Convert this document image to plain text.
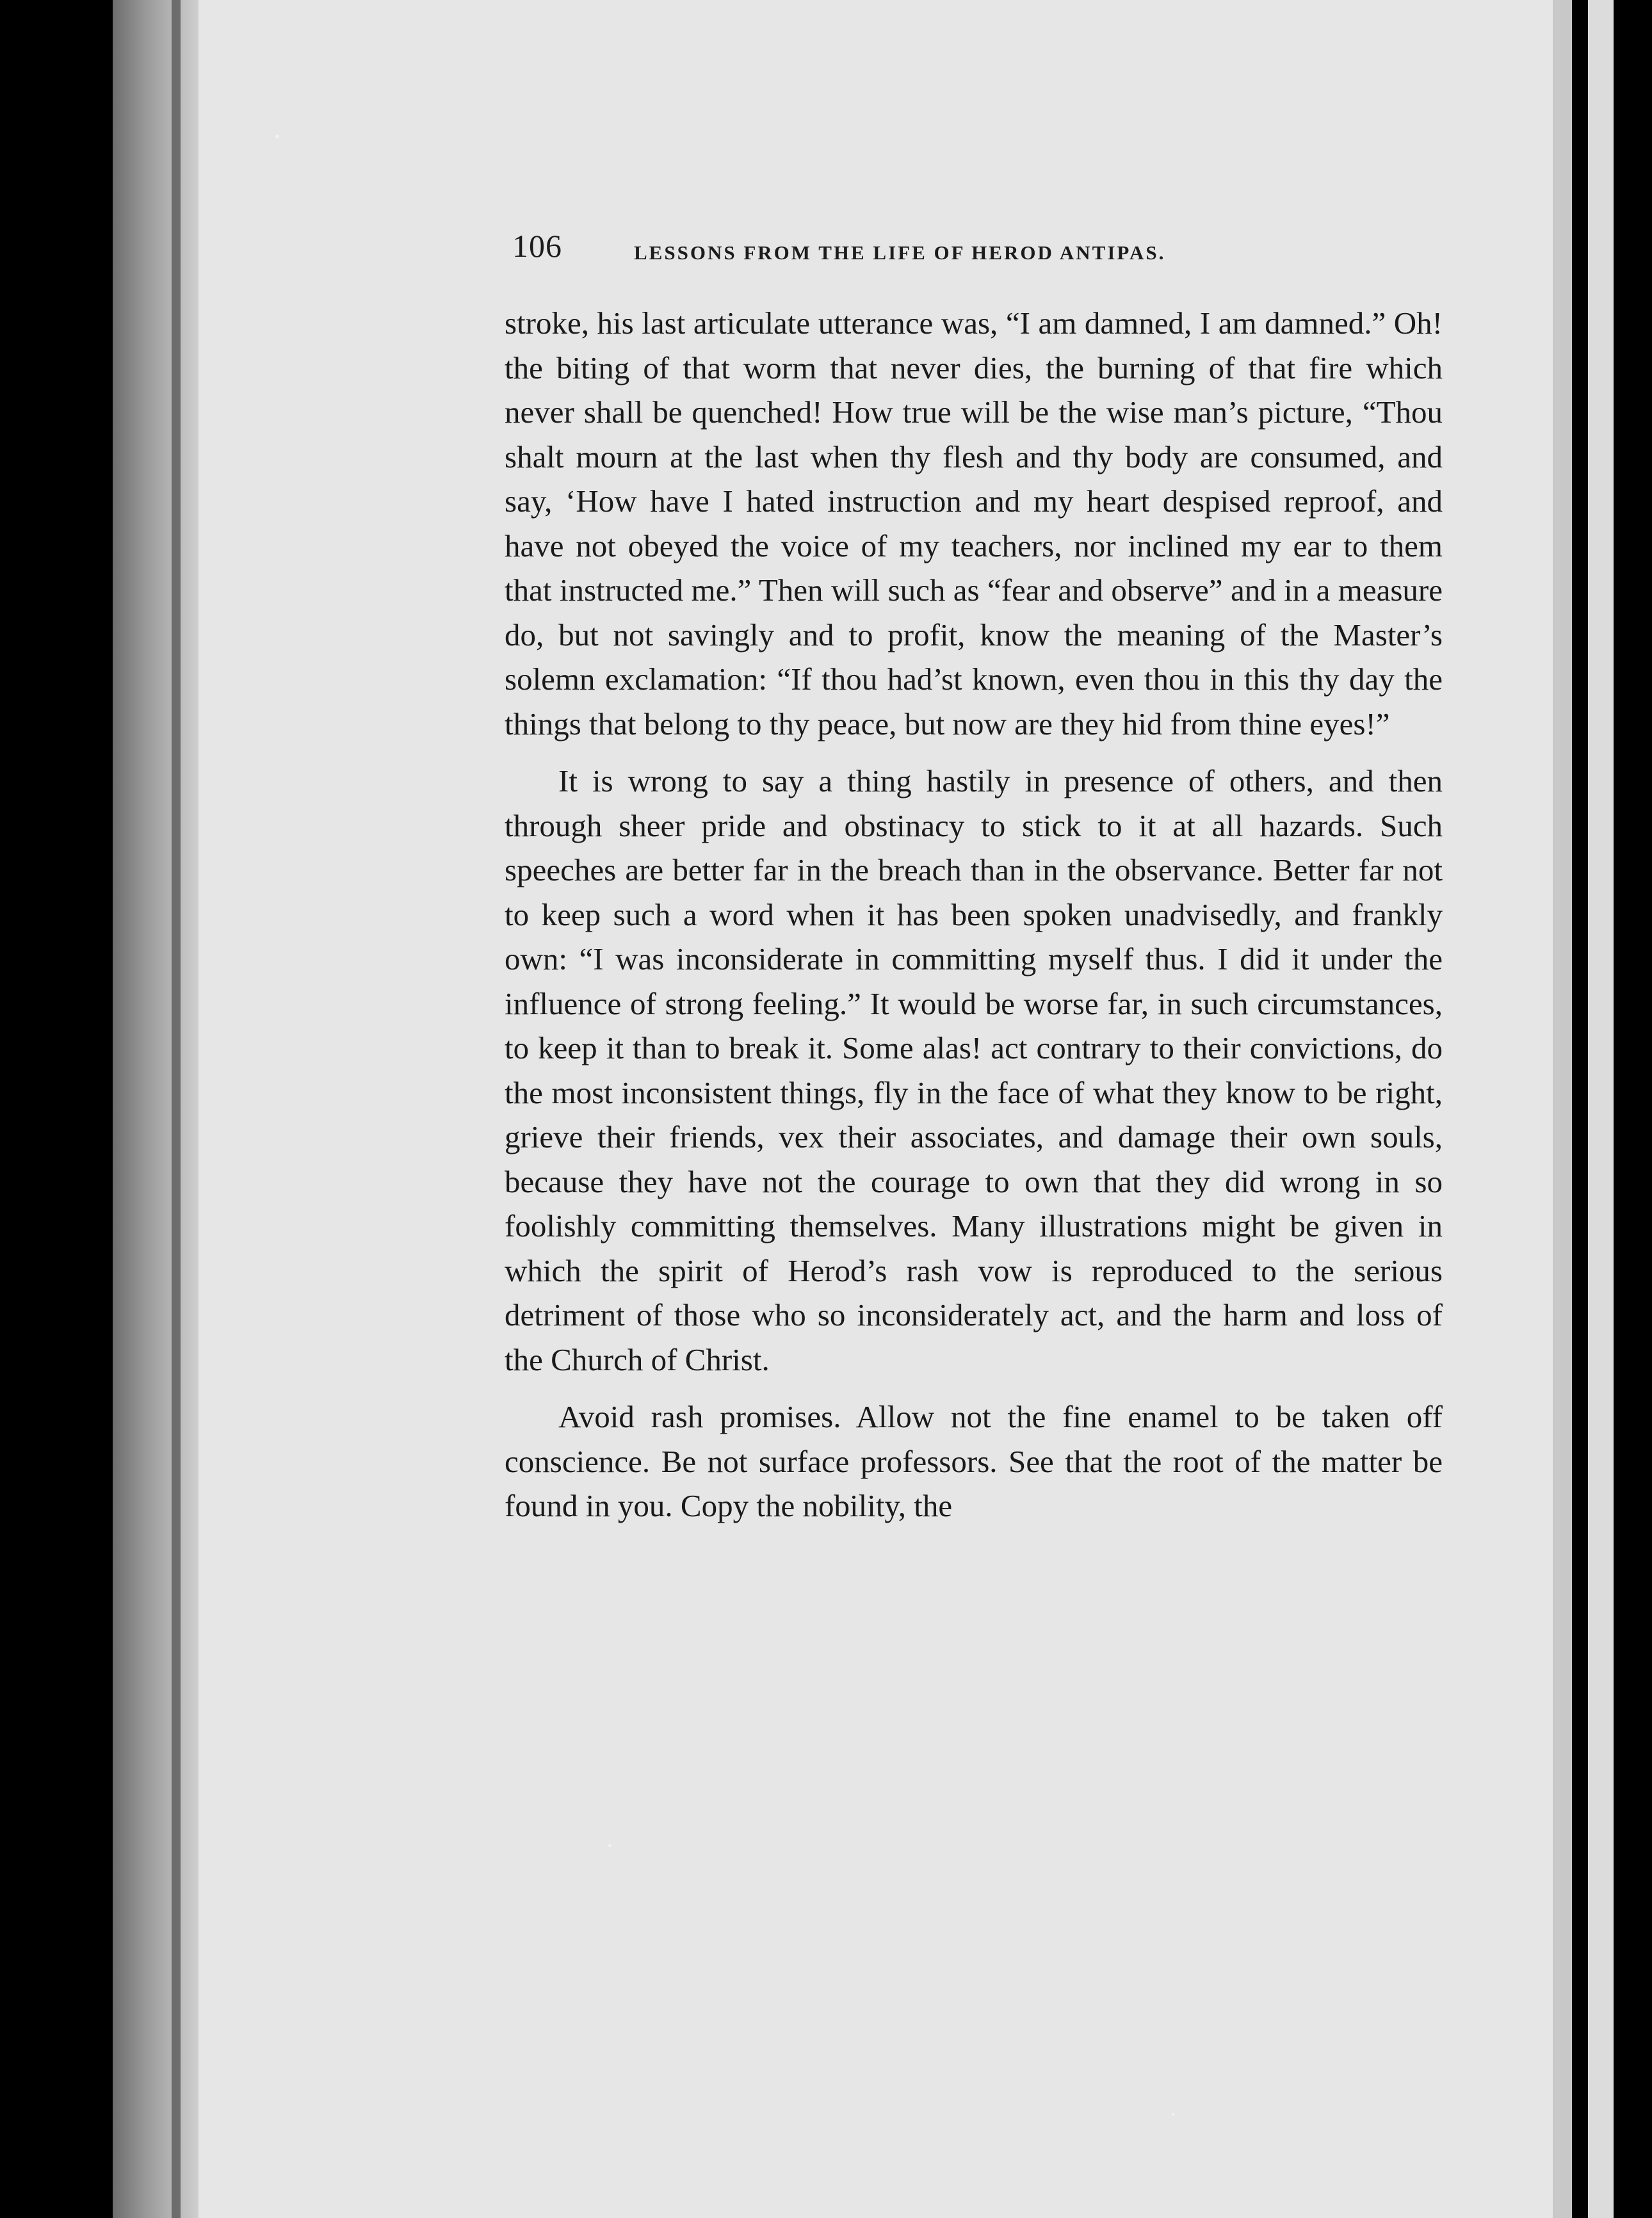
106	LESSONS FROM THE LIFE OF HEROD ANTIPAS.

stroke, his last articulate utterance was, “I am damned, I am damned.” Oh! the biting of that worm that never dies, the burning of that fire which never shall be quenched! How true will be the wise man’s picture, “Thou shalt mourn at the last when thy flesh and thy body are consumed, and say, ‘How have I hated instruction and my heart despised reproof, and have not obeyed the voice of my teachers, nor inclined my ear to them that instructed me.” Then will such as “fear and observe” and in a measure do, but not savingly and to profit, know the meaning of the Master’s solemn exclamation: “If thou had’st known, even thou in this thy day the things that belong to thy peace, but now are they hid from thine eyes!”

It is wrong to say a thing hastily in presence of others, and then through sheer pride and obstinacy to stick to it at all hazards. Such speeches are better far in the breach than in the observance. Better far not to keep such a word when it has been spoken unadvisedly, and frankly own: “I was inconsiderate in committing myself thus. I did it under the influence of strong feeling.” It would be worse far, in such circumstances, to keep it than to break it. Some alas! act contrary to their convictions, do the most inconsistent things, fly in the face of what they know to be right, grieve their friends, vex their associates, and damage their own souls, because they have not the courage to own that they did wrong in so foolishly committing themselves. Many illustrations might be given in which the spirit of Herod’s rash vow is reproduced to the serious detriment of those who so inconsiderately act, and the harm and loss of the Church of Christ.

Avoid rash promises. Allow not the fine enamel to be taken off conscience. Be not surface professors. See that the root of the matter be found in you. Copy the nobility, the
